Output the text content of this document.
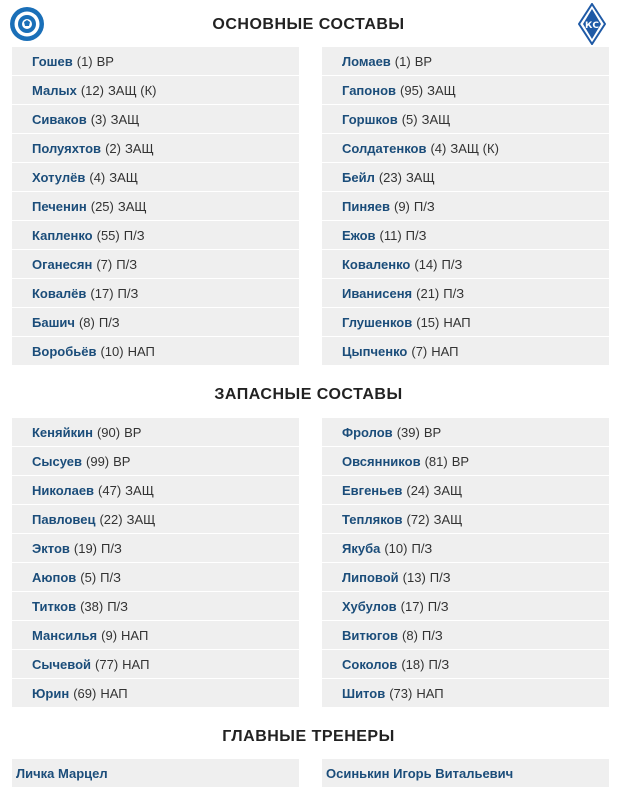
КС
ОСНОВНЫЕ СОСТАВЫ
Гошев (1) ВР
Малых (12) ЗАЩ (К)
Сиваков (3) ЗАЩ
Полуяхтов (2) ЗАЩ
Хотулёв (4) ЗАЩ
Печенин (25) ЗАЩ
Капленко (55) П/З
Оганесян (7) П/З
Ковалёв (17) П/З
Башич (8) П/З
Воробьёв (10) НАП
Ломаев (1) ВР
Гапонов (95) ЗАЩ
Горшков (5) ЗАЩ
Солдатенков (4) ЗАЩ (К)
Бейл (23) ЗАЩ
Пиняев (9) П/З
Ежов (11) П/З
Коваленко (14) П/З
Иванисеня (21) П/З
Глушенков (15) НАП
Цыпченко (7) НАП
ЗАПАСНЫЕ СОСТАВЫ
Кеняйкин (90) ВР
Сысуев (99) ВР
Николаев (47) ЗАЩ
Павловец (22) ЗАЩ
Эктов (19) П/З
Аюпов (5) П/З
Титков (38) П/З
Мансилья (9) НАП
Сычевой (77) НАП
Юрин (69) НАП
Фролов (39) ВР
Овсянников (81) ВР
Евгеньев (24) ЗАЩ
Тепляков (72) ЗАЩ
Якуба (10) П/З
Липовой (13) П/З
Хубулов (17) П/З
Витюгов (8) П/З
Соколов (18) П/З
Шитов (73) НАП
ГЛАВНЫЕ ТРЕНЕРЫ
Личка Марцел	Осинькин Игорь Витальевич
